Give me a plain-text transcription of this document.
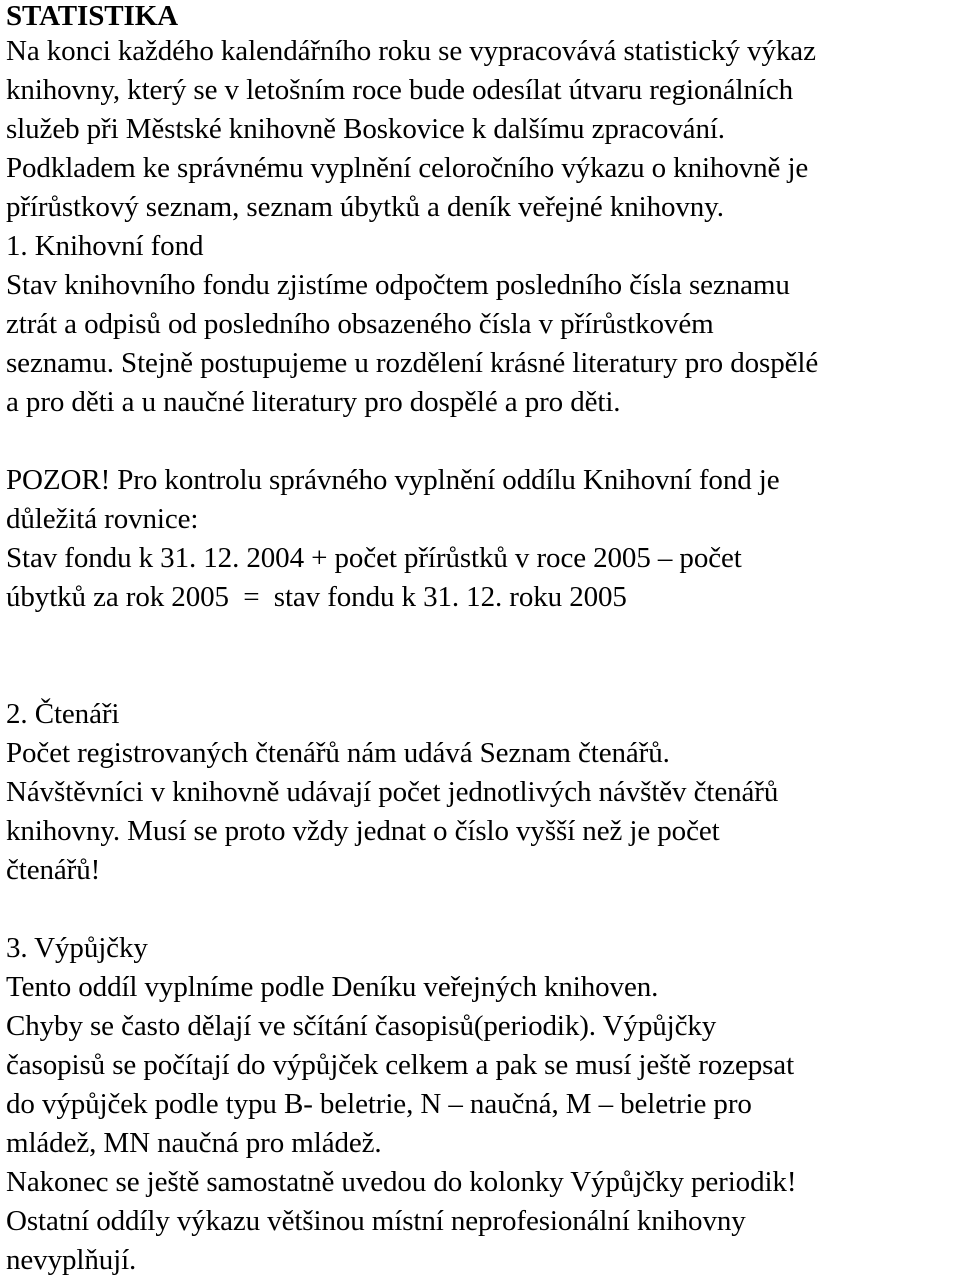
STATISTIKA
Na konci každého kalendářního roku se vypracovává statistický výkaz
knihovny, který se v letošním roce bude odesílat útvaru regionálních
služeb při Městské knihovně Boskovice k dalšímu zpracování.
Podkladem ke správnému vyplnění celoročního výkazu o knihovně je
přírůstkový seznam, seznam úbytků a deník veřejné knihovny.
1. Knihovní fond
Stav knihovního fondu zjistíme odpočtem posledního čísla seznamu
ztrát a odpisů od posledního obsazeného čísla v přírůstkovém
seznamu. Stejně postupujeme u rozdělení krásné literatury pro dospělé
a pro děti a u naučné literatury pro dospělé a pro děti.
POZOR! Pro kontrolu správného vyplnění oddílu Knihovní fond je
důležitá rovnice:
Stav fondu k 31. 12. 2004 + počet přírůstků v roce 2005 – počet
úbytků za rok 2005  =  stav fondu k 31. 12. roku 2005
2. Čtenáři
Počet registrovaných čtenářů nám udává Seznam čtenářů.
Návštěvníci v knihovně udávají počet jednotlivých návštěv čtenářů
knihovny. Musí se proto vždy jednat o číslo vyšší než je počet
čtenářů!
3. Výpůjčky
Tento oddíl vyplníme podle Deníku veřejných knihoven.
Chyby se často dělají ve sčítání časopisů(periodik). Výpůjčky
časopisů se počítají do výpůjček celkem a pak se musí ještě rozepsat
do výpůjček podle typu B- beletrie, N – naučná, M – beletrie pro
mládež, MN naučná pro mládež.
Nakonec se ještě samostatně uvedou do kolonky Výpůjčky periodik!
Ostatní oddíly výkazu většinou místní neprofesionální knihovny
nevyplňují.
